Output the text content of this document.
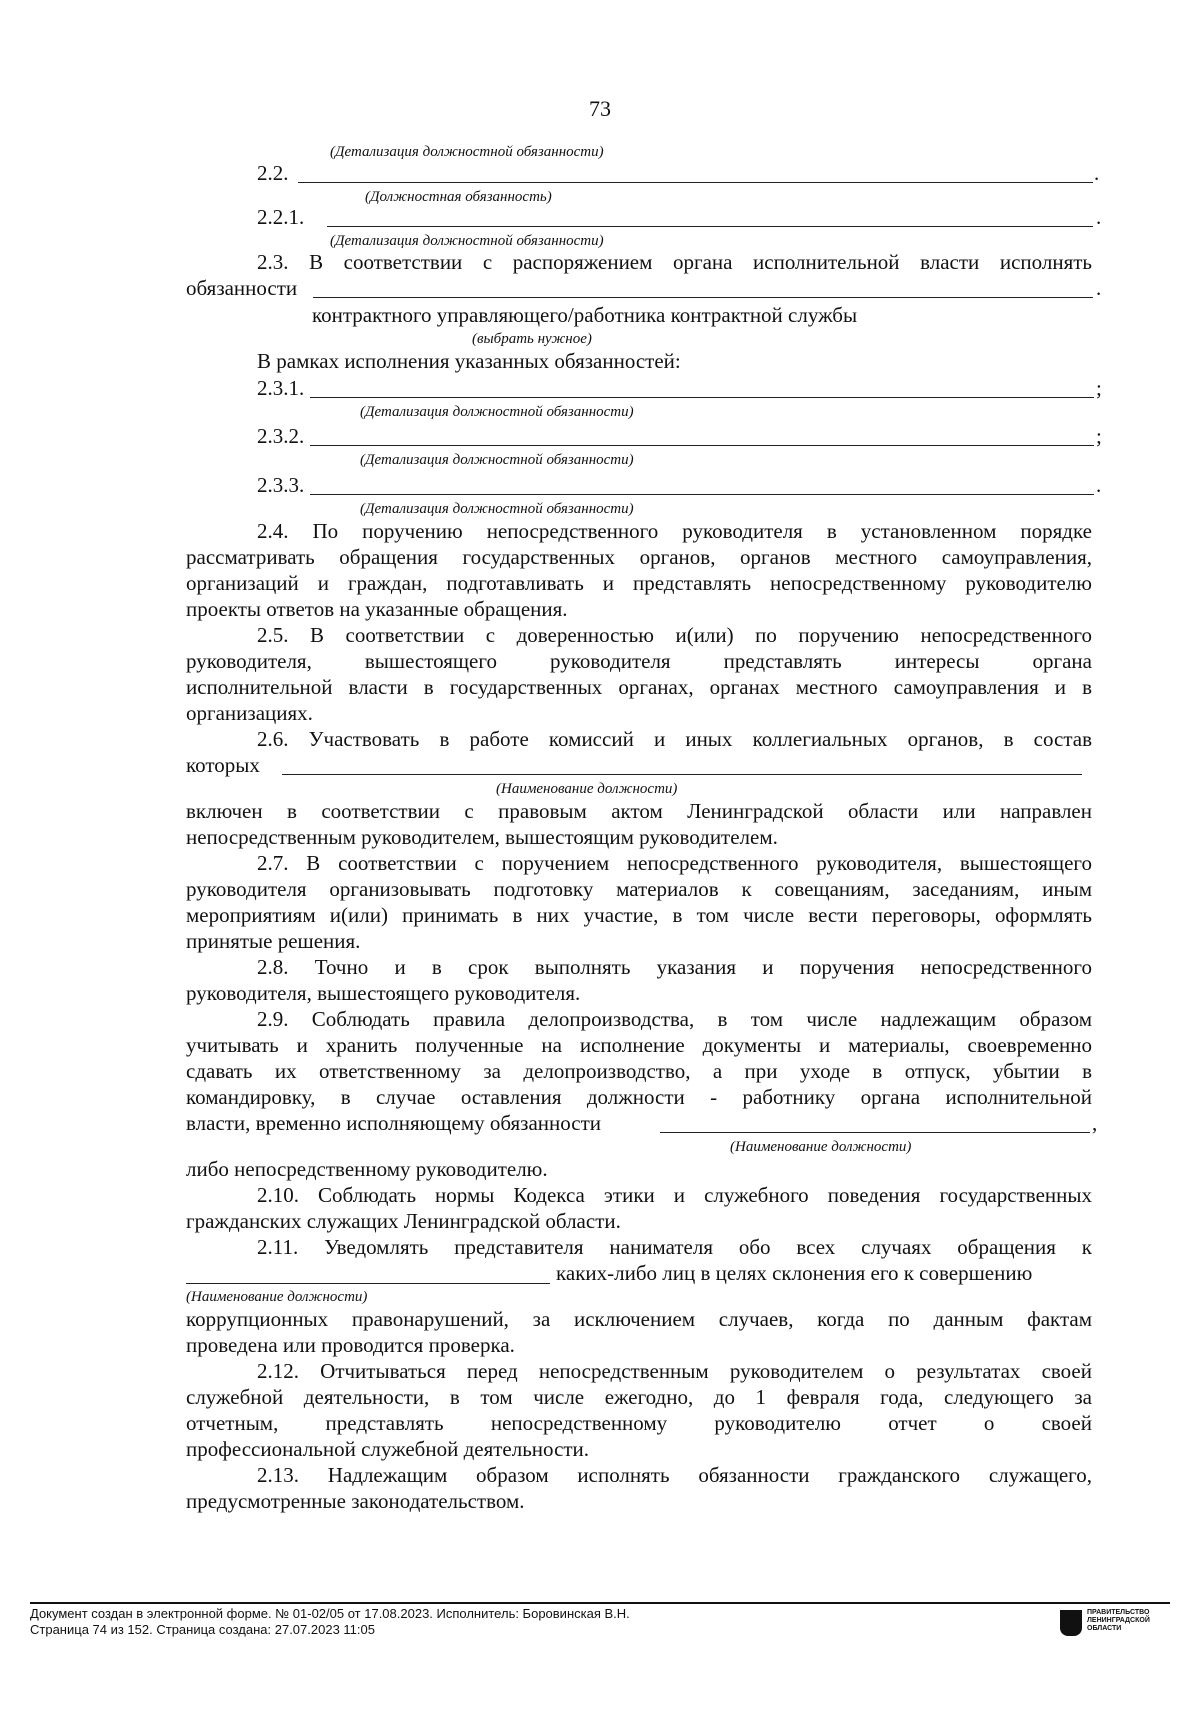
73
(Детализация должностной обязанности)
2.2.	.
(Должностная обязанность)
2.2.1.	.
(Детализация должностной обязанности)
2.3. В соответствии с распоряжением органа исполнительной власти исполнять
обязанности	.
контрактного управляющего/работника контрактной службы
(выбрать нужное)
В рамках исполнения указанных обязанностей:
2.3.1.	;
(Детализация должностной обязанности)
2.3.2.	;
(Детализация должностной обязанности)
2.3.3.	.
(Детализация должностной обязанности)
2.4. По поручению непосредственного руководителя в установленном порядке
рассматривать обращения государственных органов, органов местного самоуправления,
организаций и граждан, подготавливать и представлять непосредственному руководителю
проекты ответов на указанные обращения.
2.5. В соответствии с доверенностью и(или) по поручению непосредственного
руководителя, вышестоящего руководителя представлять интересы органа
исполнительной власти в государственных органах, органах местного самоуправления и в
организациях.
2.6. Участвовать в работе комиссий и иных коллегиальных органов, в состав
которых
(Наименование должности)
включен в соответствии с правовым актом Ленинградской области или направлен
непосредственным руководителем, вышестоящим руководителем.
2.7. В соответствии с поручением непосредственного руководителя, вышестоящего
руководителя организовывать подготовку материалов к совещаниям, заседаниям, иным
мероприятиям и(или) принимать в них участие, в том числе вести переговоры, оформлять
принятые решения.
2.8. Точно и в срок выполнять указания и поручения непосредственного
руководителя, вышестоящего руководителя.
2.9. Соблюдать правила делопроизводства, в том числе надлежащим образом
учитывать и хранить полученные на исполнение документы и материалы, своевременно
сдавать их ответственному за делопроизводство, а при уходе в отпуск, убытии в
командировку, в случае оставления должности - работнику органа исполнительной
власти, временно исполняющему обязанности	,
(Наименование должности)
либо непосредственному руководителю.
2.10. Соблюдать нормы Кодекса этики и служебного поведения государственных
гражданских служащих Ленинградской области.
2.11. Уведомлять представителя нанимателя обо всех случаях обращения к
каких-либо лиц в целях склонения его к совершению
(Наименование должности)
коррупционных правонарушений, за исключением случаев, когда по данным фактам
проведена или проводится проверка.
2.12. Отчитываться перед непосредственным руководителем о результатах своей
служебной деятельности, в том числе ежегодно, до 1 февраля года, следующего за
отчетным, представлять непосредственному руководителю отчет о своей
профессиональной служебной деятельности.
2.13. Надлежащим образом исполнять обязанности гражданского служащего,
предусмотренные законодательством.
Документ создан в электронной форме. № 01-02/05 от 17.08.2023. Исполнитель: Боровинская В.Н.
Страница 74 из 152. Страница создана: 27.07.2023 11:05
ПРАВИТЕЛЬСТВО
ЛЕНИНГРАДСКОЙ
ОБЛАСТИ
